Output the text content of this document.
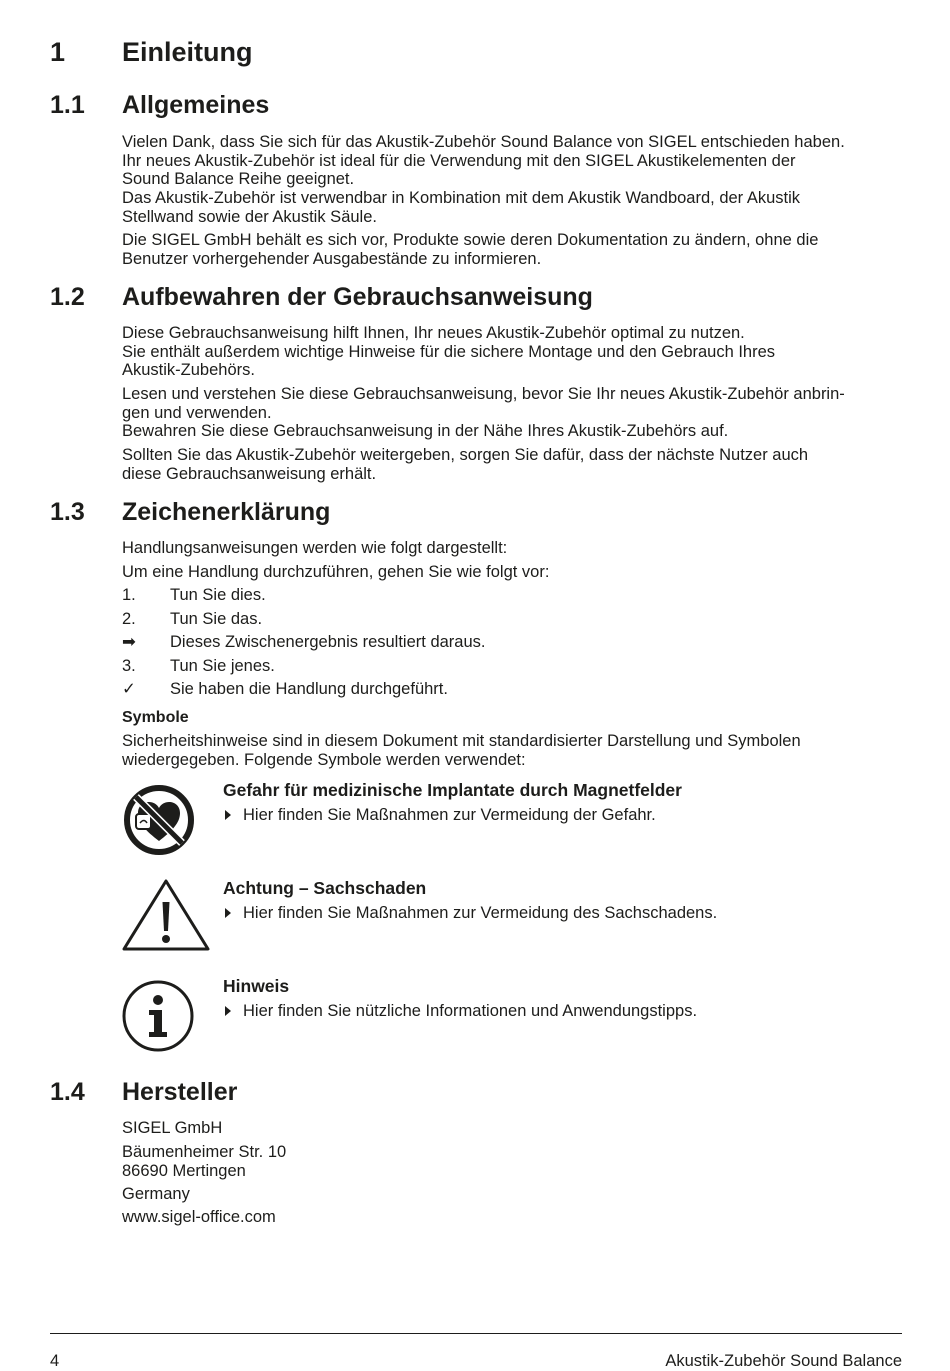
1 Einleitung
1.1 Allgemeines
Vielen Dank, dass Sie sich für das Akustik-Zubehör Sound Balance von SIGEL entschieden haben.
Ihr neues Akustik-Zubehör ist ideal für die Verwendung mit den SIGEL Akustikelementen der
Sound Balance Reihe geeignet.
Das Akustik-Zubehör ist verwendbar in Kombination mit dem Akustik Wandboard, der Akustik
Stellwand sowie der Akustik Säule.
Die SIGEL GmbH behält es sich vor, Produkte sowie deren Dokumentation zu ändern, ohne die
Benutzer vorhergehender Ausgabestände zu informieren.
1.2 Aufbewahren der Gebrauchsanweisung
Diese Gebrauchsanweisung hilft Ihnen, Ihr neues Akustik-Zubehör optimal zu nutzen.
Sie enthält außerdem wichtige Hinweise für die sichere Montage und den Gebrauch Ihres
Akustik-Zubehörs.
Lesen und verstehen Sie diese Gebrauchsanweisung, bevor Sie Ihr neues Akustik-Zubehör anbrin-
gen und verwenden.
Bewahren Sie diese Gebrauchsanweisung in der Nähe Ihres Akustik-Zubehörs auf.
Sollten Sie das Akustik-Zubehör weitergeben, sorgen Sie dafür, dass der nächste Nutzer auch
diese Gebrauchsanweisung erhält.
1.3 Zeichenerklärung
Handlungsanweisungen werden wie folgt dargestellt:
Um eine Handlung durchzuführen, gehen Sie wie folgt vor:
1. Tun Sie dies.
2. Tun Sie das.
➡ Dieses Zwischenergebnis resultiert daraus.
3. Tun Sie jenes.
✓ Sie haben die Handlung durchgeführt.
Symbole
Sicherheitshinweise sind in diesem Dokument mit standardisierter Darstellung und Symbolen
wiedergegeben. Folgende Symbole werden verwendet:
Gefahr für medizinische Implantate durch Magnetfelder
Hier finden Sie Maßnahmen zur Vermeidung der Gefahr.
Achtung – Sachschaden
Hier finden Sie Maßnahmen zur Vermeidung des Sachschadens.
Hinweis
Hier finden Sie nützliche Informationen und Anwendungstipps.
1.4 Hersteller
SIGEL GmbH
Bäumenheimer Str. 10
86690 Mertingen
Germany
www.sigel-office.com
4	Akustik-Zubehör Sound Balance
